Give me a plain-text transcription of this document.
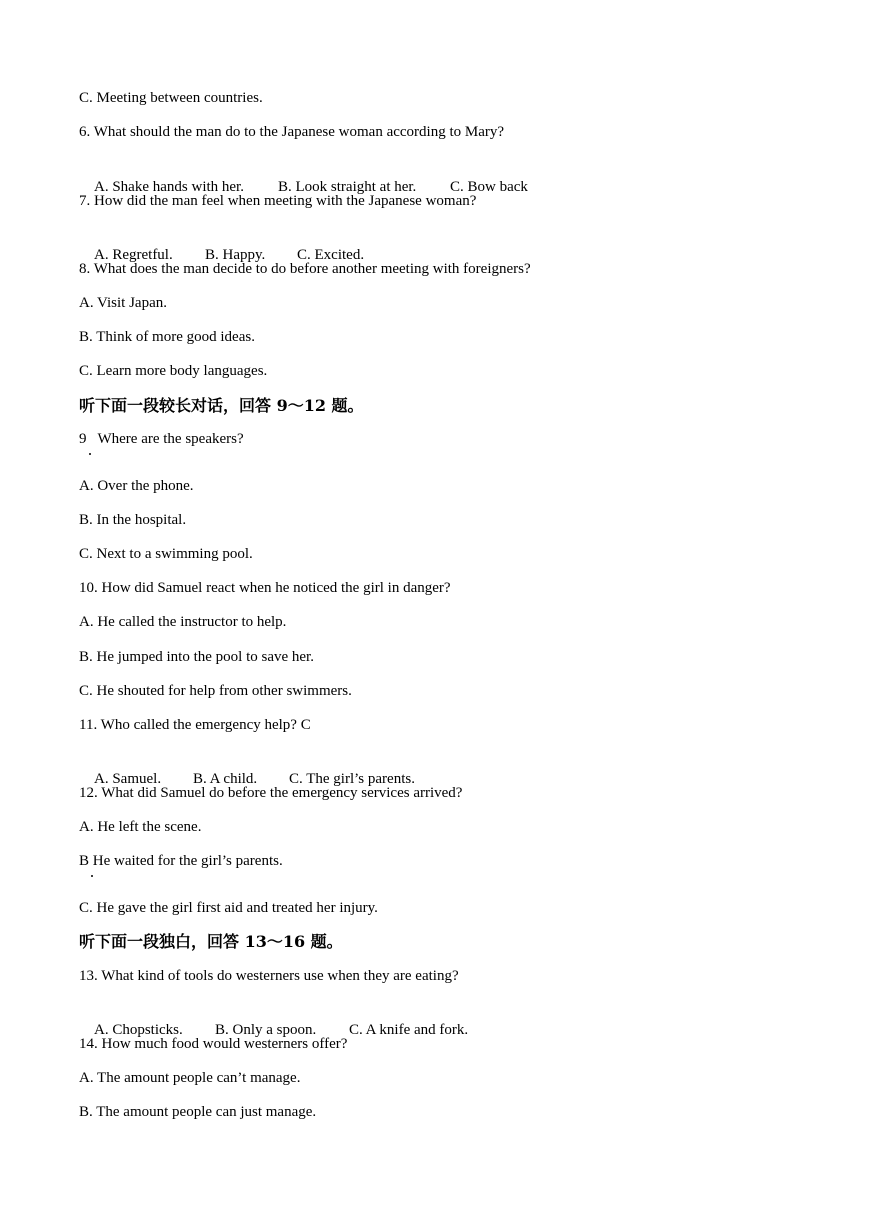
C. Meeting between countries.
6. What should the man do to the Japanese woman according to Mary?

A. Shake hands with her. B. Look straight at her. C. Bow back

7. How did the man feel when meeting with the Japanese woman?

A. Regretful. B. Happy. C. Excited.

8. What does the man decide to do before another meeting with foreigners?
A. Visit Japan.
B. Think of more good ideas.
C. Learn more body languages.
听下面一段较长对话，回答 9～12 题。
9   Where are the speakers?
A. Over the phone.
B. In the hospital.
C. Next to a swimming pool.
10. How did Samuel react when he noticed the girl in danger?
A. He called the instructor to help.
B. He jumped into the pool to save her.
C. He shouted for help from other swimmers.
11. Who called the emergency help? C

A. Samuel. B. A child. C. The girl’s parents.

12. What did Samuel do before the emergency services arrived?
A. He left the scene.
B He waited for the girl’s parents.
C. He gave the girl first aid and treated her injury.
听下面一段独白，回答 13～16 题。
13. What kind of tools do westerners use when they are eating?

A. Chopsticks. B. Only a spoon. C. A knife and fork.

14. How much food would westerners offer?
A. The amount people can’t manage.
B. The amount people can just manage.
